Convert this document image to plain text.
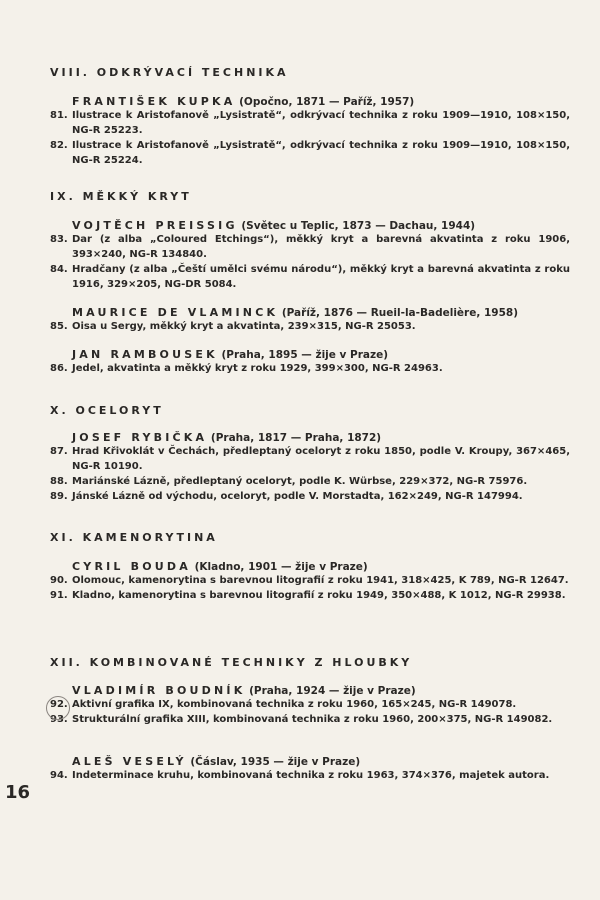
VIII. ODKRÝVACÍ TECHNIKA

FRANTIŠEK KUPKA (Opočno, 1871 — Paříž, 1957)
81. Ilustrace k Aristofanově „Lysistratě“, odkrývací technika z roku 1909—1910, 108×150, NG-R 25223.
82. Ilustrace k Aristofanově „Lysistratě“, odkrývací technika z roku 1909—1910, 108×150, NG-R 25224.

IX. MĚKKÝ KRYT

VOJTĚCH PREISSIG (Světec u Teplic, 1873 — Dachau, 1944)
83. Dar (z alba „Coloured Etchings“), měkký kryt a barevná akvatinta z roku 1906, 393×240, NG-R 134840.
84. Hradčany (z alba „Čeští umělci svému národu“), měkký kryt a barevná akvatinta z roku 1916, 329×205, NG-DR 5084.
MAURICE DE VLAMINCK (Paříž, 1876 — Rueil-la-Badelière, 1958)
85. Oisa u Sergy, měkký kryt a akvatinta, 239×315, NG-R 25053.
JAN RAMBOUSEK (Praha, 1895 — žije v Praze)
86. Jedel, akvatinta a měkký kryt z roku 1929, 399×300, NG-R 24963.

X. OCELORYT

JOSEF RYBIČKA (Praha, 1817 — Praha, 1872)
87. Hrad Křivoklát v Čechách, předleptaný oceloryt z roku 1850, podle V. Kroupy, 367×465, NG-R 10190.
88. Mariánské Lázně, předleptaný oceloryt, podle K. Würbse, 229×372, NG-R 75976.
89. Jánské Lázně od východu, oceloryt, podle V. Morstadta, 162×249, NG-R 147994.

XI. KAMENORYTINA

CYRIL BOUDA (Kladno, 1901 — žije v Praze)
90. Olomouc, kamenorytina s barevnou litografií z roku 1941, 318×425, K 789, NG-R 12647.
91. Kladno, kamenorytina s barevnou litografií z roku 1949, 350×488, K 1012, NG-R 29938.

XII. KOMBINOVANÉ TECHNIKY Z HLOUBKY

VLADIMÍR BOUDNÍK (Praha, 1924 — žije v Praze)
92. Aktivní grafika IX, kombinovaná technika z roku 1960, 165×245, NG-R 149078.
93. Strukturální grafika XIII, kombinovaná technika z roku 1960, 200×375, NG-R 149082.
ALEŠ VESELÝ (Čáslav, 1935 — žije v Praze)
94. Indeterminace kruhu, kombinovaná technika z roku 1963, 374×376, majetek autora.
16
